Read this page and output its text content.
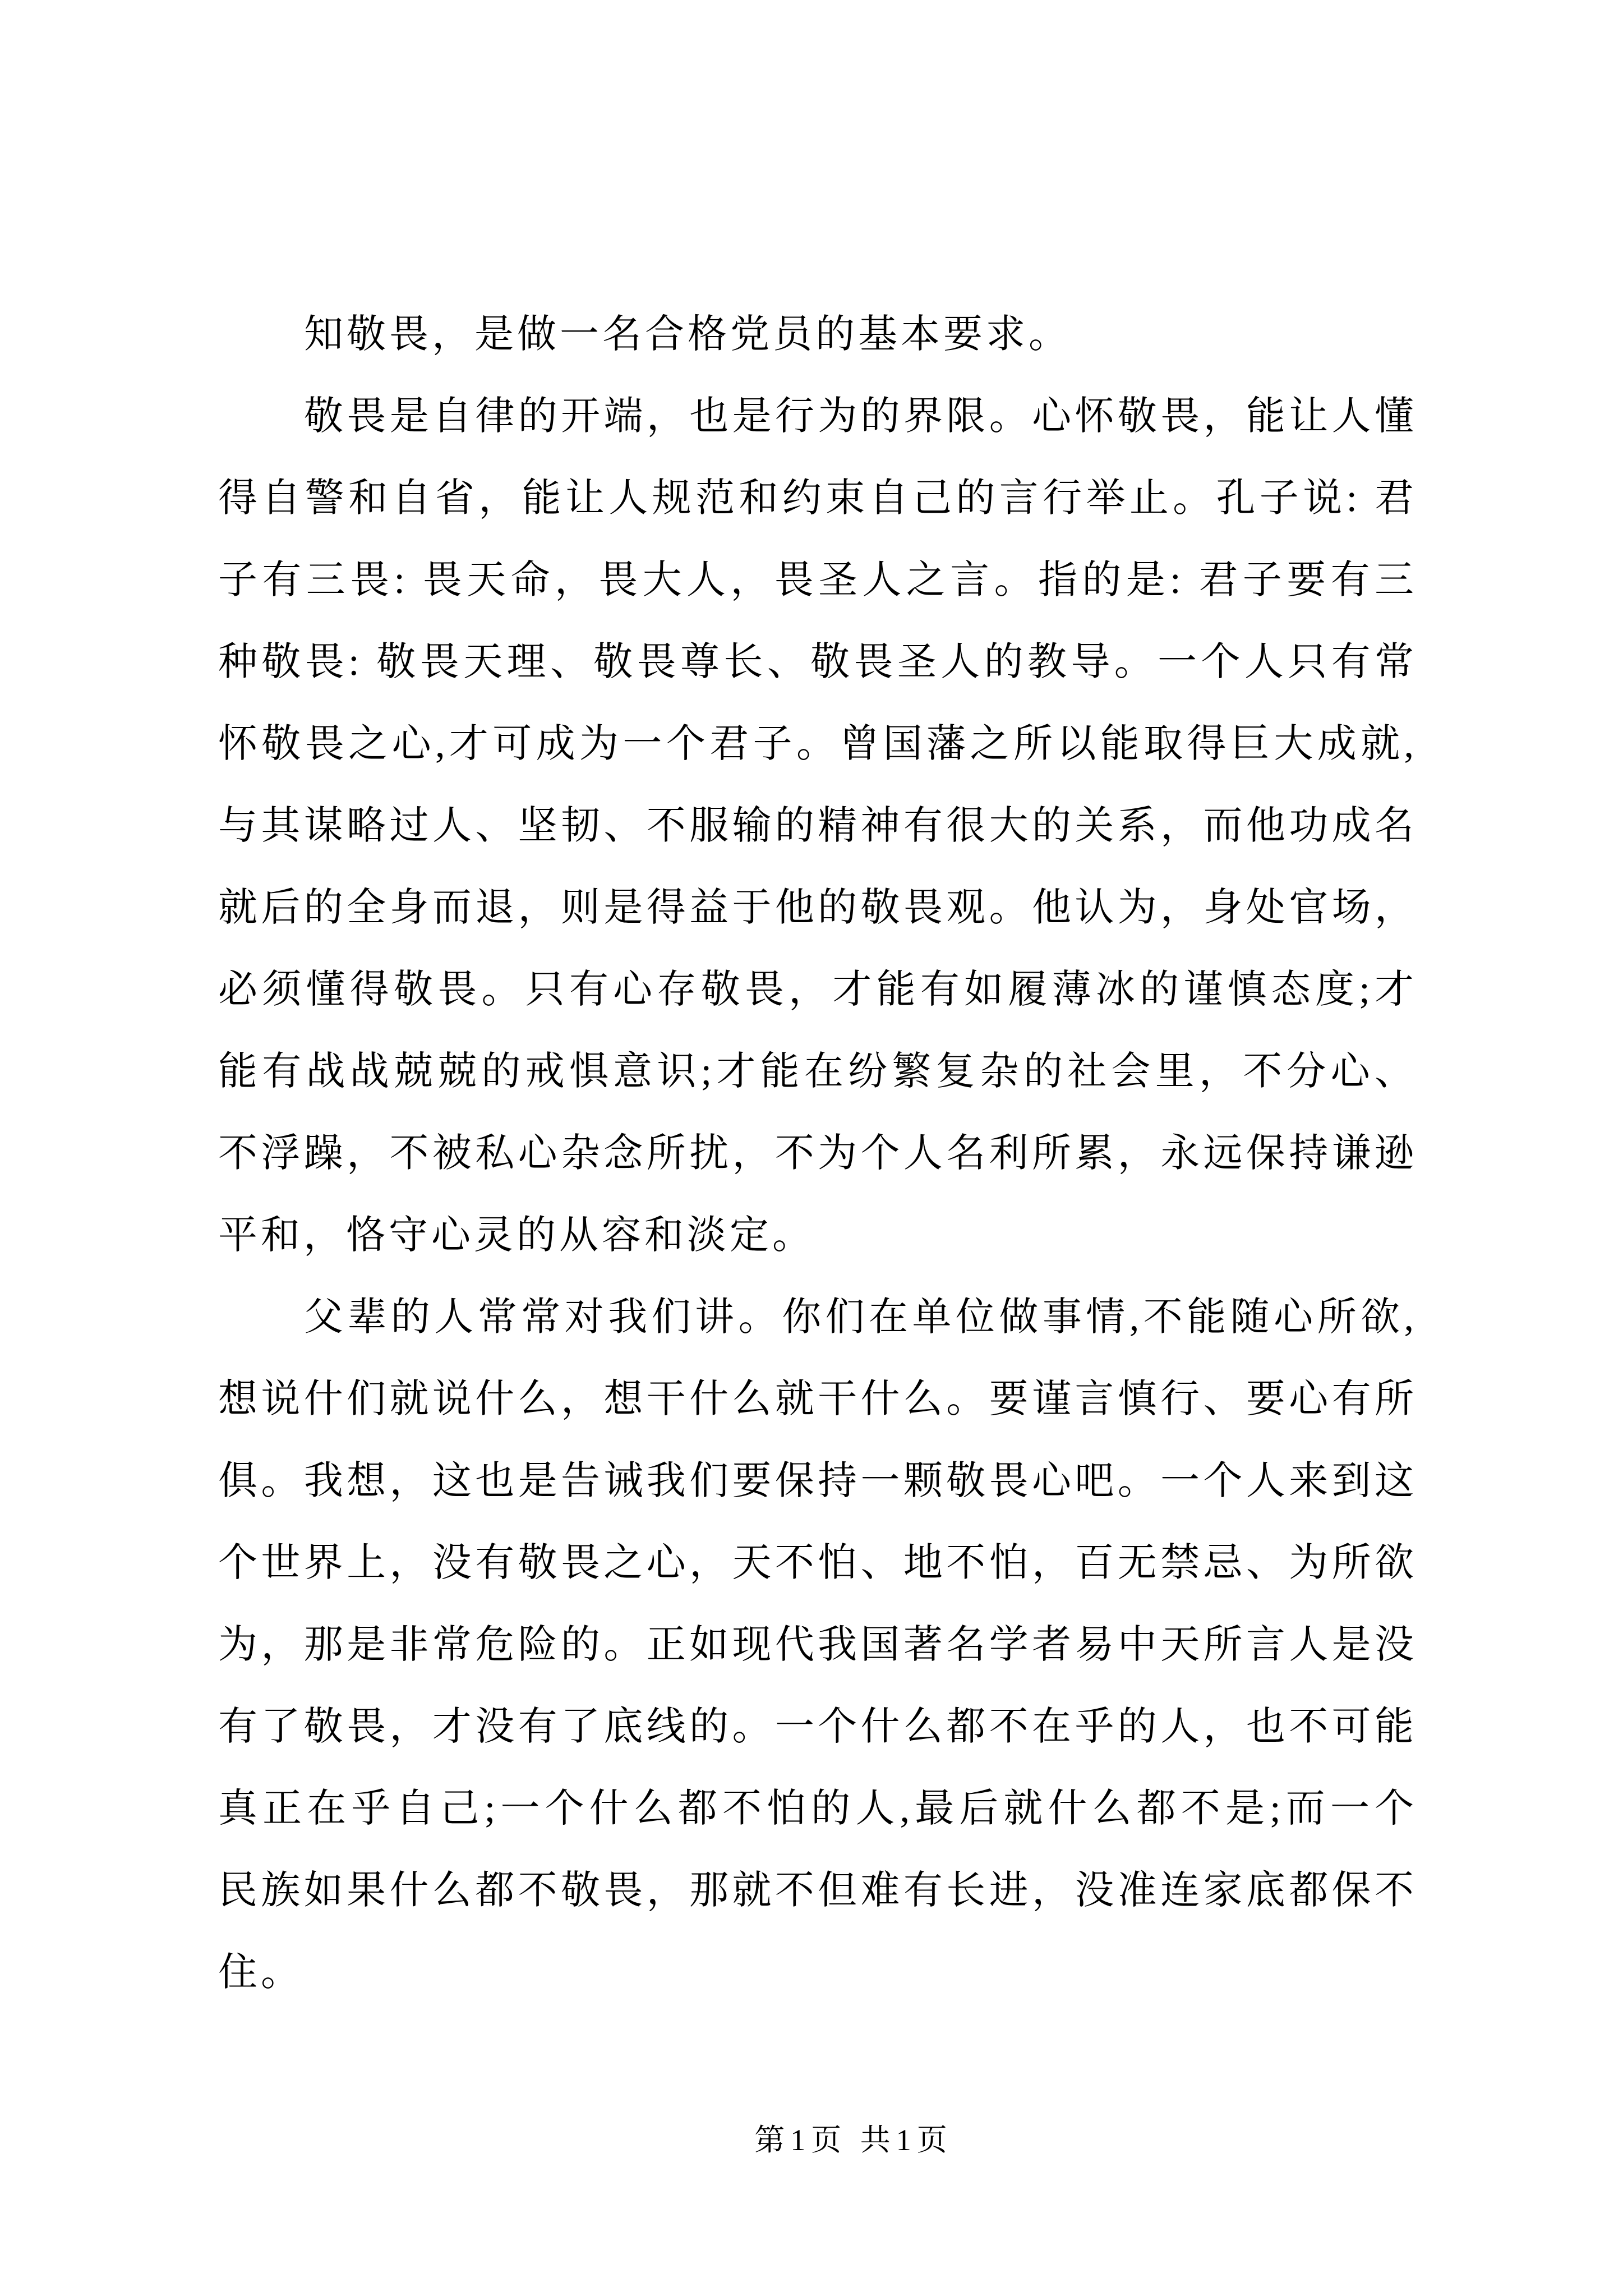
知敬畏，是做一名合格党员的基本要求。
敬畏是自律的开端，也是行为的界限。心怀敬畏，能让人懂
得自警和自省，能让人规范和约束自己的言行举止。孔子说: 君
子有三畏: 畏天命，畏大人，畏圣人之言。指的是: 君子要有三
种敬畏: 敬畏天理、敬畏尊长、敬畏圣人的教导。一个人只有常
怀敬畏之心,才可成为一个君子。曾国藩之所以能取得巨大成就,
与其谋略过人、坚韧、不服输的精神有很大的关系，而他功成名
就后的全身而退，则是得益于他的敬畏观。他认为，身处官场，
必须懂得敬畏。只有心存敬畏，才能有如履薄冰的谨慎态度;才
能有战战兢兢的戒惧意识;才能在纷繁复杂的社会里，不分心、
不浮躁，不被私心杂念所扰，不为个人名利所累，永远保持谦逊
平和，恪守心灵的从容和淡定。
父辈的人常常对我们讲。你们在单位做事情,不能随心所欲,
想说什们就说什么，想干什么就干什么。要谨言慎行、要心有所
俱。我想，这也是告诫我们要保持一颗敬畏心吧。一个人来到这
个世界上，没有敬畏之心，天不怕、地不怕，百无禁忌、为所欲
为，那是非常危险的。正如现代我国著名学者易中天所言人是没
有了敬畏，才没有了底线的。一个什么都不在乎的人，也不可能
真正在乎自己;一个什么都不怕的人,最后就什么都不是;而一个
民族如果什么都不敬畏，那就不但难有长进，没准连家底都保不
住。
第1页 共1页
